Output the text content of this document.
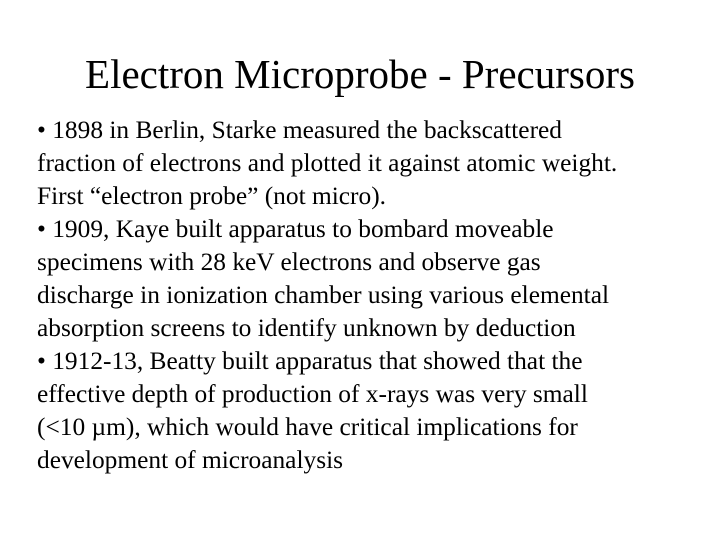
Electron Microprobe - Precursors
• 1898 in Berlin, Starke measured the backscattered
fraction of electrons and plotted it against atomic weight.
First “electron probe” (not micro).
• 1909, Kaye built apparatus to bombard moveable
specimens with 28 keV electrons and observe gas
discharge in ionization chamber using various elemental
absorption screens to identify unknown by deduction
• 1912-13, Beatty built apparatus that showed that the
effective depth of production of x-rays was very small
(<10 µm), which would have critical implications for
development of microanalysis
